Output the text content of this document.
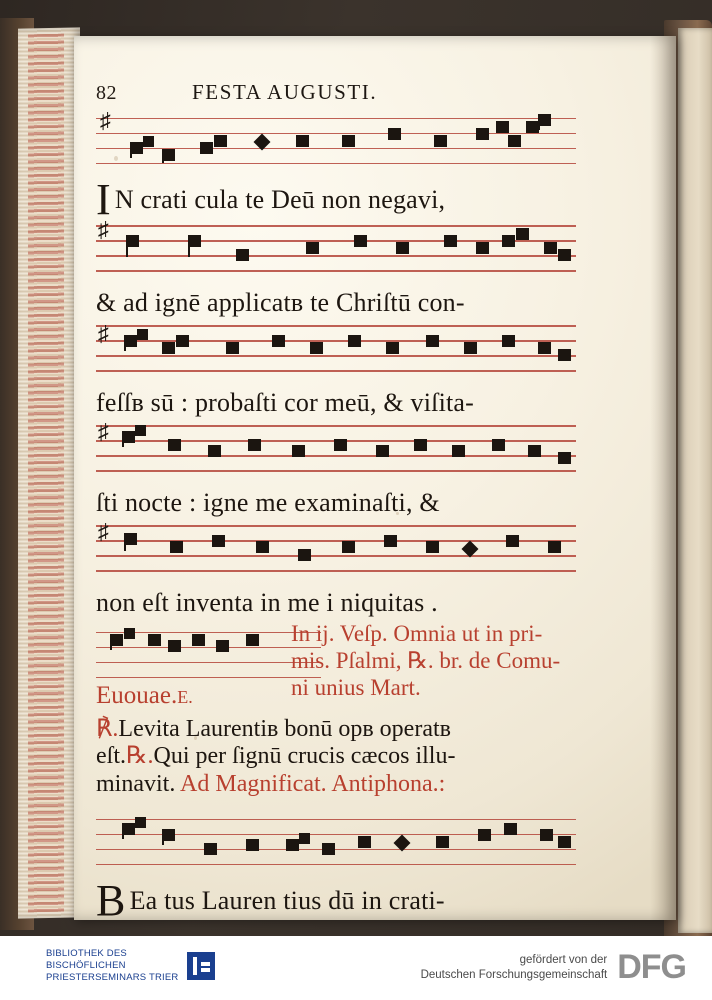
82	FESTA AUGUSTI.
♯
I N crati cula te Deū non negavi,
♯
& ad ignē applicatʙ te Chriſtū con-
♯
feſſʙ sū : probaſti cor meū, & viſita-
♯
ſti nocte : igne me examinaſti, &
♯
non eſt inventa in me i niquitas .
Euouae.E.
In ij. Veſp. Omnia ut in pri-
mis. Pſalmi, ℞. br. de Comu-
ni unius Mart.
℟.Levita Laurentiʙ bonū opʙ operatʙ
eſt.℞.Qui per ſignū crucis cæcos illu-
minavit. Ad Magnificat. Antiphona.:
B Ea tus Lauren tius dū in crati-
BIBLIOTHEK DES
BISCHÖFLICHEN
PRIESTERSEMINARS TRIER
gefördert von der
Deutschen Forschungsgemeinschaft DFG
